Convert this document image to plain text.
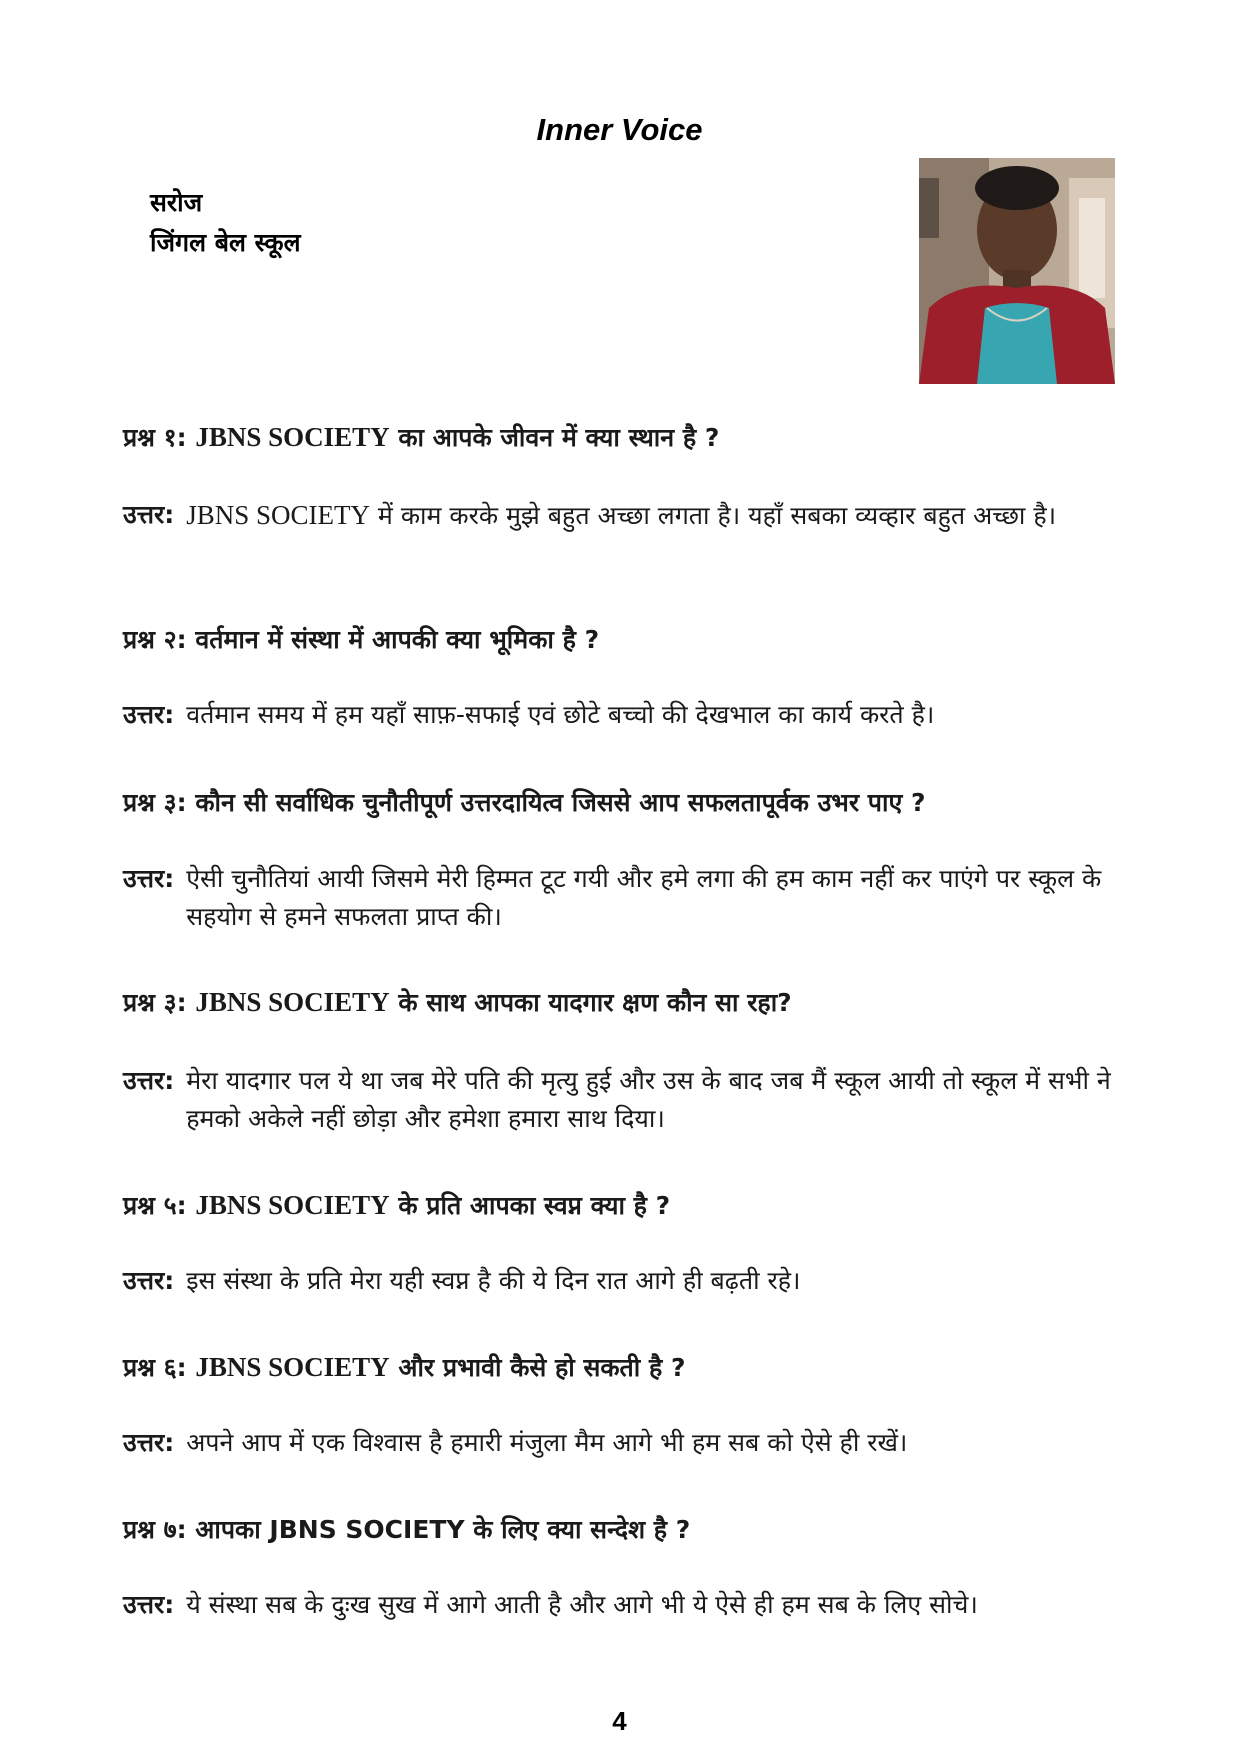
Inner Voice
सरोज
जिंगल बेल स्कूल
प्रश्न १: JBNS SOCIETY का आपके जीवन में क्या स्थान है ?
उत्तर: JBNS SOCIETY में काम करके मुझे बहुत अच्छा लगता है। यहाँ सबका व्यव्हार बहुत अच्छा है।
प्रश्न २: वर्तमान में संस्था में आपकी क्या भूमिका है ?
उत्तर: वर्तमान समय में हम यहाँ साफ़-सफाई एवं छोटे बच्चो की देखभाल का कार्य करते है।
प्रश्न ३: कौन सी सर्वाधिक चुनौतीपूर्ण उत्तरदायित्व जिससे आप सफलतापूर्वक उभर पाए ?
उत्तर: ऐसी चुनौतियां आयी जिसमे मेरी हिम्मत टूट गयी और हमे लगा की हम काम नहीं कर पाएंगे पर स्कूल के सहयोग से हमने सफलता प्राप्त की।
प्रश्न ३: JBNS SOCIETY के साथ आपका यादगार क्षण कौन सा रहा?
उत्तर: मेरा यादगार पल ये था जब मेरे पति की मृत्यु हुई और उस के बाद जब मैं स्कूल आयी तो स्कूल में सभी ने हमको अकेले नहीं छोड़ा और हमेशा हमारा साथ दिया।
प्रश्न ५: JBNS SOCIETY के प्रति आपका स्वप्न क्या है ?
उत्तर: इस संस्था के प्रति मेरा यही स्वप्न है की ये दिन रात आगे ही बढ़ती रहे।
प्रश्न ६: JBNS SOCIETY और प्रभावी कैसे हो सकती है ?
उत्तर: अपने आप में एक विश्वास है हमारी मंजुला मैम आगे भी हम सब को ऐसे ही रखें।
प्रश्न ७: आपका JBNS SOCIETY के लिए क्या सन्देश है ?
उत्तर: ये संस्था सब के दुःख सुख में आगे आती है और आगे भी ये ऐसे ही हम सब के लिए सोचे।
4
